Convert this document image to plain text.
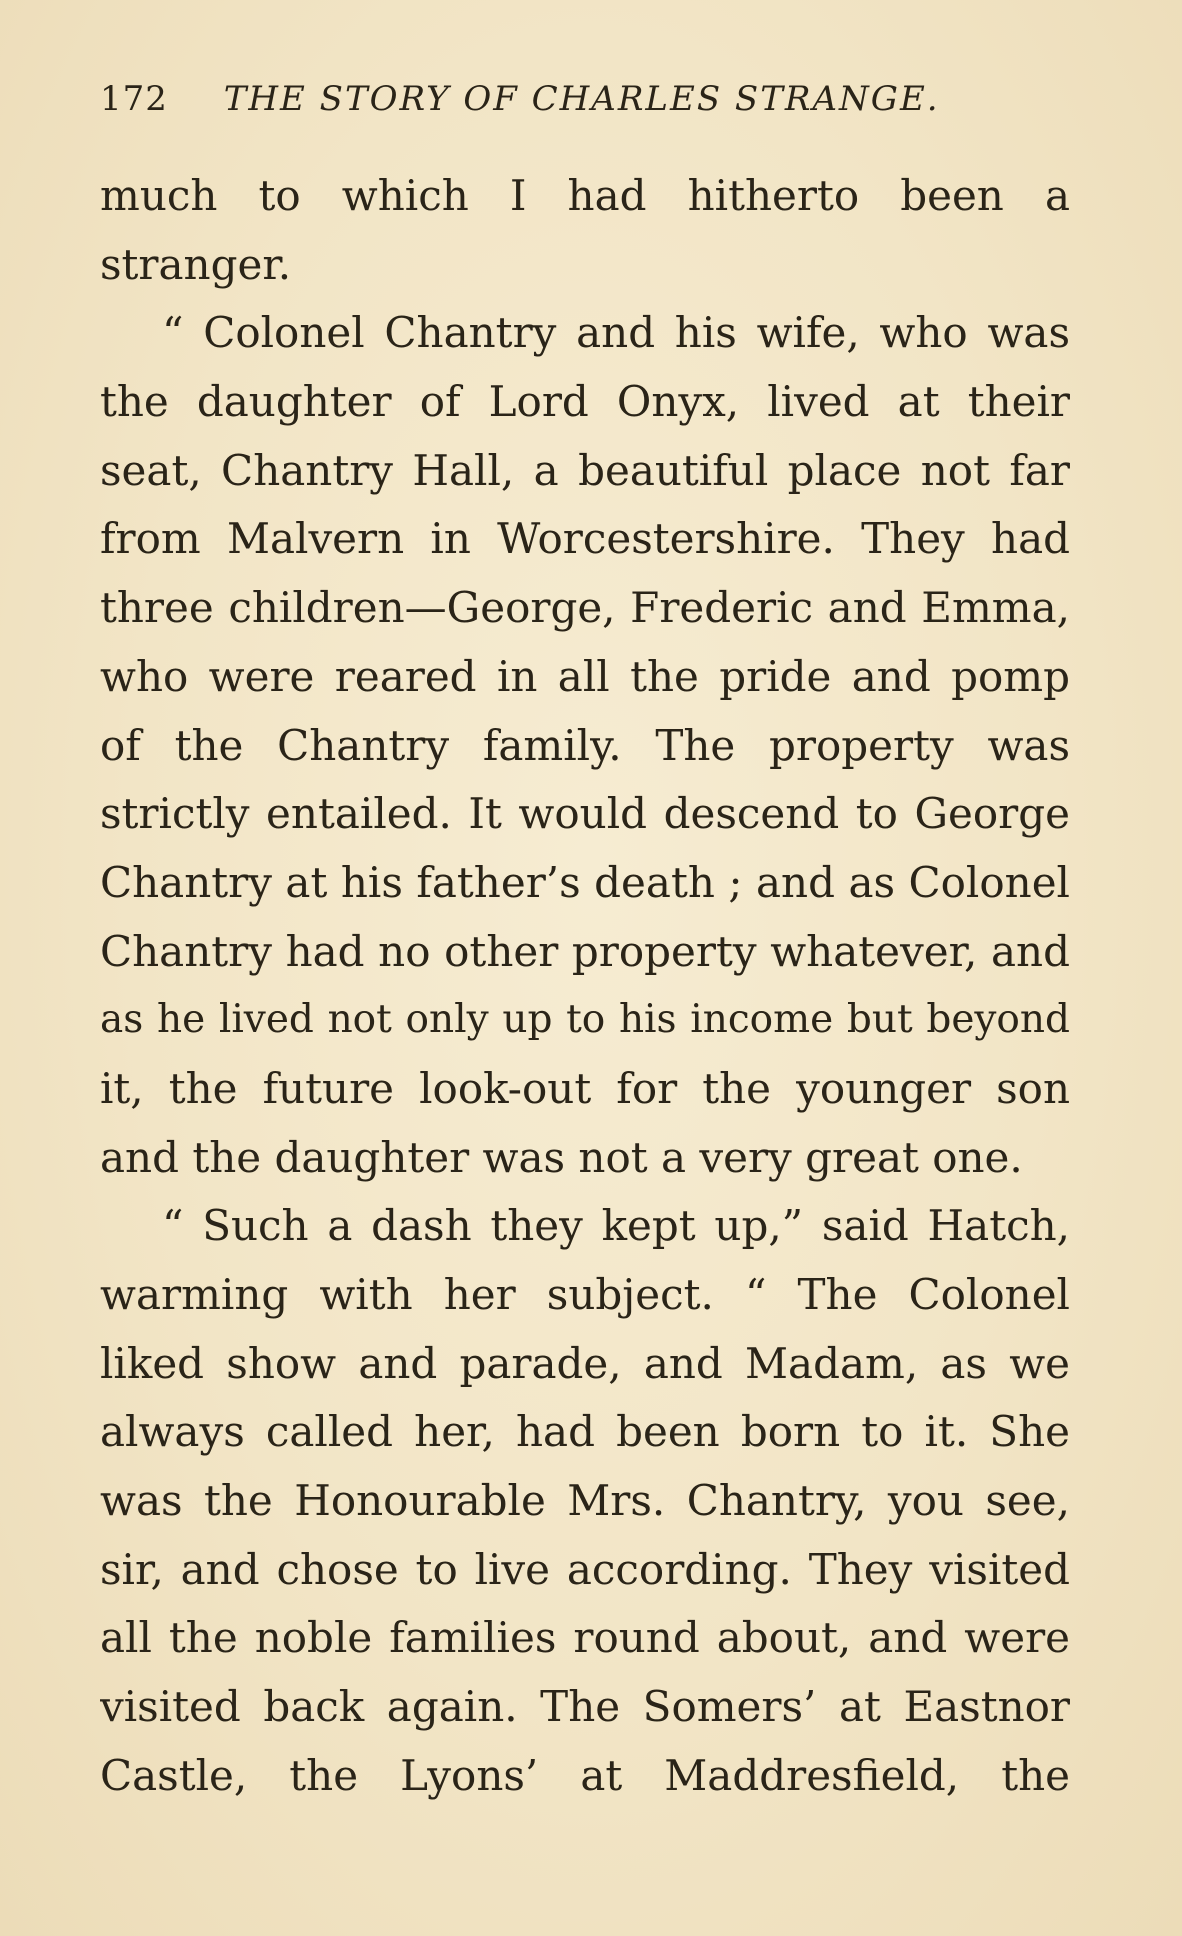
172 THE STORY OF CHARLES STRANGE.
much to which I had hitherto been a
stranger.
“ Colonel Chantry and his wife, who was
the daughter of Lord Onyx, lived at their
seat, Chantry Hall, a beautiful place not far
from Malvern in Worcestershire. They had
three children—George, Frederic and Emma,
who were reared in all the pride and pomp
of the Chantry family. The property was
strictly entailed. It would descend to George
Chantry at his father’s death ; and as Colonel
Chantry had no other property whatever, and
as he lived not only up to his income but beyond
it, the future look-out for the younger son
and the daughter was not a very great one.
“ Such a dash they kept up,” said Hatch,
warming with her subject. “ The Colonel
liked show and parade, and Madam, as we
always called her, had been born to it. She
was the Honourable Mrs. Chantry, you see,
sir, and chose to live according. They visited
all the noble families round about, and were
visited back again. The Somers’ at Eastnor
Castle, the Lyons’ at Maddresfield, the
